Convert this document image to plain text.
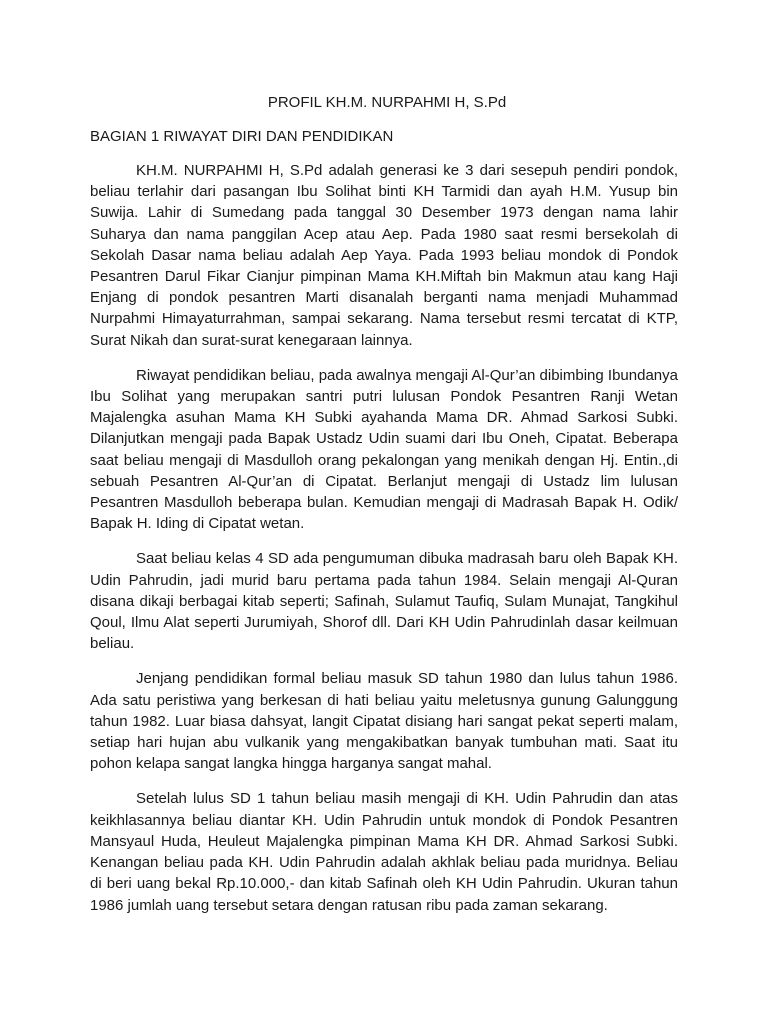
PROFIL KH.M. NURPAHMI H, S.Pd
BAGIAN 1 RIWAYAT DIRI DAN PENDIDIKAN

KH.M. NURPAHMI H, S.Pd adalah generasi ke 3 dari sesepuh pendiri pondok, beliau terlahir dari pasangan Ibu Solihat binti KH Tarmidi dan ayah H.M. Yusup bin Suwija. Lahir di Sumedang pada tanggal 30 Desember 1973 dengan nama lahir Suharya dan nama panggilan Acep atau Aep. Pada 1980 saat resmi bersekolah di Sekolah Dasar nama beliau adalah Aep Yaya. Pada 1993 beliau mondok di Pondok Pesantren Darul Fikar Cianjur pimpinan Mama KH.Miftah bin Makmun atau kang Haji Enjang di pondok pesantren Marti disanalah berganti nama menjadi Muhammad Nurpahmi Himayaturrahman, sampai sekarang. Nama tersebut resmi tercatat di KTP, Surat Nikah dan surat-surat kenegaraan lainnya.

Riwayat pendidikan beliau, pada awalnya mengaji Al-Qur’an dibimbing Ibundanya Ibu Solihat yang merupakan santri putri lulusan Pondok Pesantren Ranji Wetan Majalengka asuhan Mama KH Subki ayahanda Mama DR. Ahmad Sarkosi Subki. Dilanjutkan mengaji pada Bapak Ustadz Udin suami dari Ibu Oneh, Cipatat. Beberapa saat beliau mengaji di Masdulloh orang pekalongan yang menikah dengan Hj. Entin.,di sebuah Pesantren Al-Qur’an di Cipatat. Berlanjut mengaji di Ustadz lim lulusan Pesantren Masdulloh beberapa bulan. Kemudian mengaji di Madrasah Bapak H. Odik/ Bapak H. Iding di Cipatat wetan.

Saat beliau kelas 4 SD ada pengumuman dibuka madrasah baru oleh Bapak KH. Udin Pahrudin, jadi murid baru pertama pada tahun 1984. Selain mengaji Al-Quran disana dikaji berbagai kitab seperti; Safinah, Sulamut Taufiq, Sulam Munajat, Tangkihul Qoul, Ilmu Alat seperti Jurumiyah, Shorof dll. Dari KH Udin Pahrudinlah dasar keilmuan beliau.

Jenjang pendidikan formal beliau masuk SD tahun 1980 dan lulus tahun 1986. Ada satu peristiwa yang berkesan di hati beliau yaitu meletusnya gunung Galunggung tahun 1982. Luar biasa dahsyat, langit Cipatat disiang hari sangat pekat seperti malam, setiap hari hujan abu vulkanik yang mengakibatkan banyak tumbuhan mati. Saat itu pohon kelapa sangat langka hingga harganya sangat mahal.

Setelah lulus SD 1 tahun beliau masih mengaji di KH. Udin Pahrudin dan atas keikhlasannya beliau diantar KH. Udin Pahrudin untuk mondok di Pondok Pesantren Mansyaul Huda, Heuleut Majalengka pimpinan Mama KH DR. Ahmad Sarkosi Subki. Kenangan beliau pada KH. Udin Pahrudin adalah akhlak beliau pada muridnya. Beliau di beri uang bekal Rp.10.000,- dan kitab Safinah oleh KH Udin Pahrudin. Ukuran tahun 1986 jumlah uang tersebut setara dengan ratusan ribu pada zaman sekarang.
